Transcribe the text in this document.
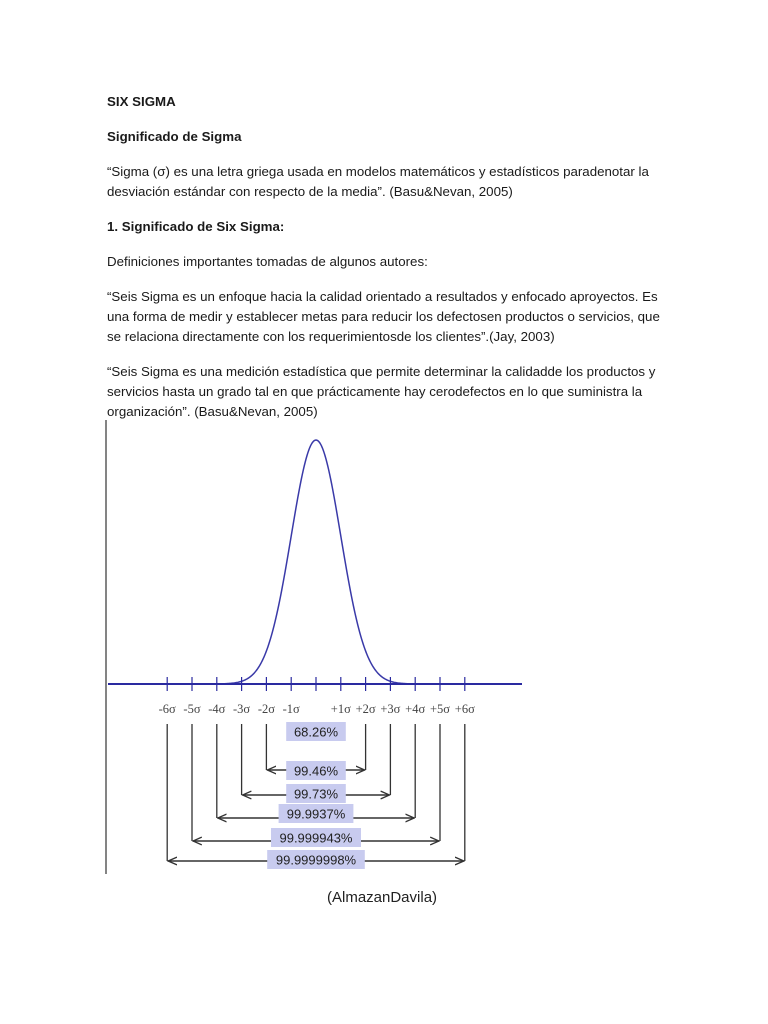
SIX SIGMA

Significado de Sigma

“Sigma (σ) es una letra griega usada en modelos matemáticos y estadísticos paradenotar la desviación estándar con respecto de la media”. (Basu&Nevan, 2005)

1. Significado de Six Sigma:

Definiciones importantes tomadas de algunos autores:

“Seis Sigma es un enfoque hacia la calidad orientado a resultados y enfocado aproyectos. Es una forma de medir y establecer metas para reducir los defectosen productos o servicios, que se relaciona directamente con los requerimientosde los clientes”.(Jay, 2003)

“Seis Sigma es una medición estadística que permite determinar la calidadde los productos y servicios hasta un grado tal en que prácticamente hay cerodefectos en lo que suministra la organización”. (Basu&Nevan, 2005)

-6σ -5σ -4σ -3σ -2σ -1σ +1σ +2σ +3σ +4σ +5σ +6σ
68.26%
99.46%
99.73%
99.9937%
99.999943%
99.9999998%
(AlmazanDavila)
